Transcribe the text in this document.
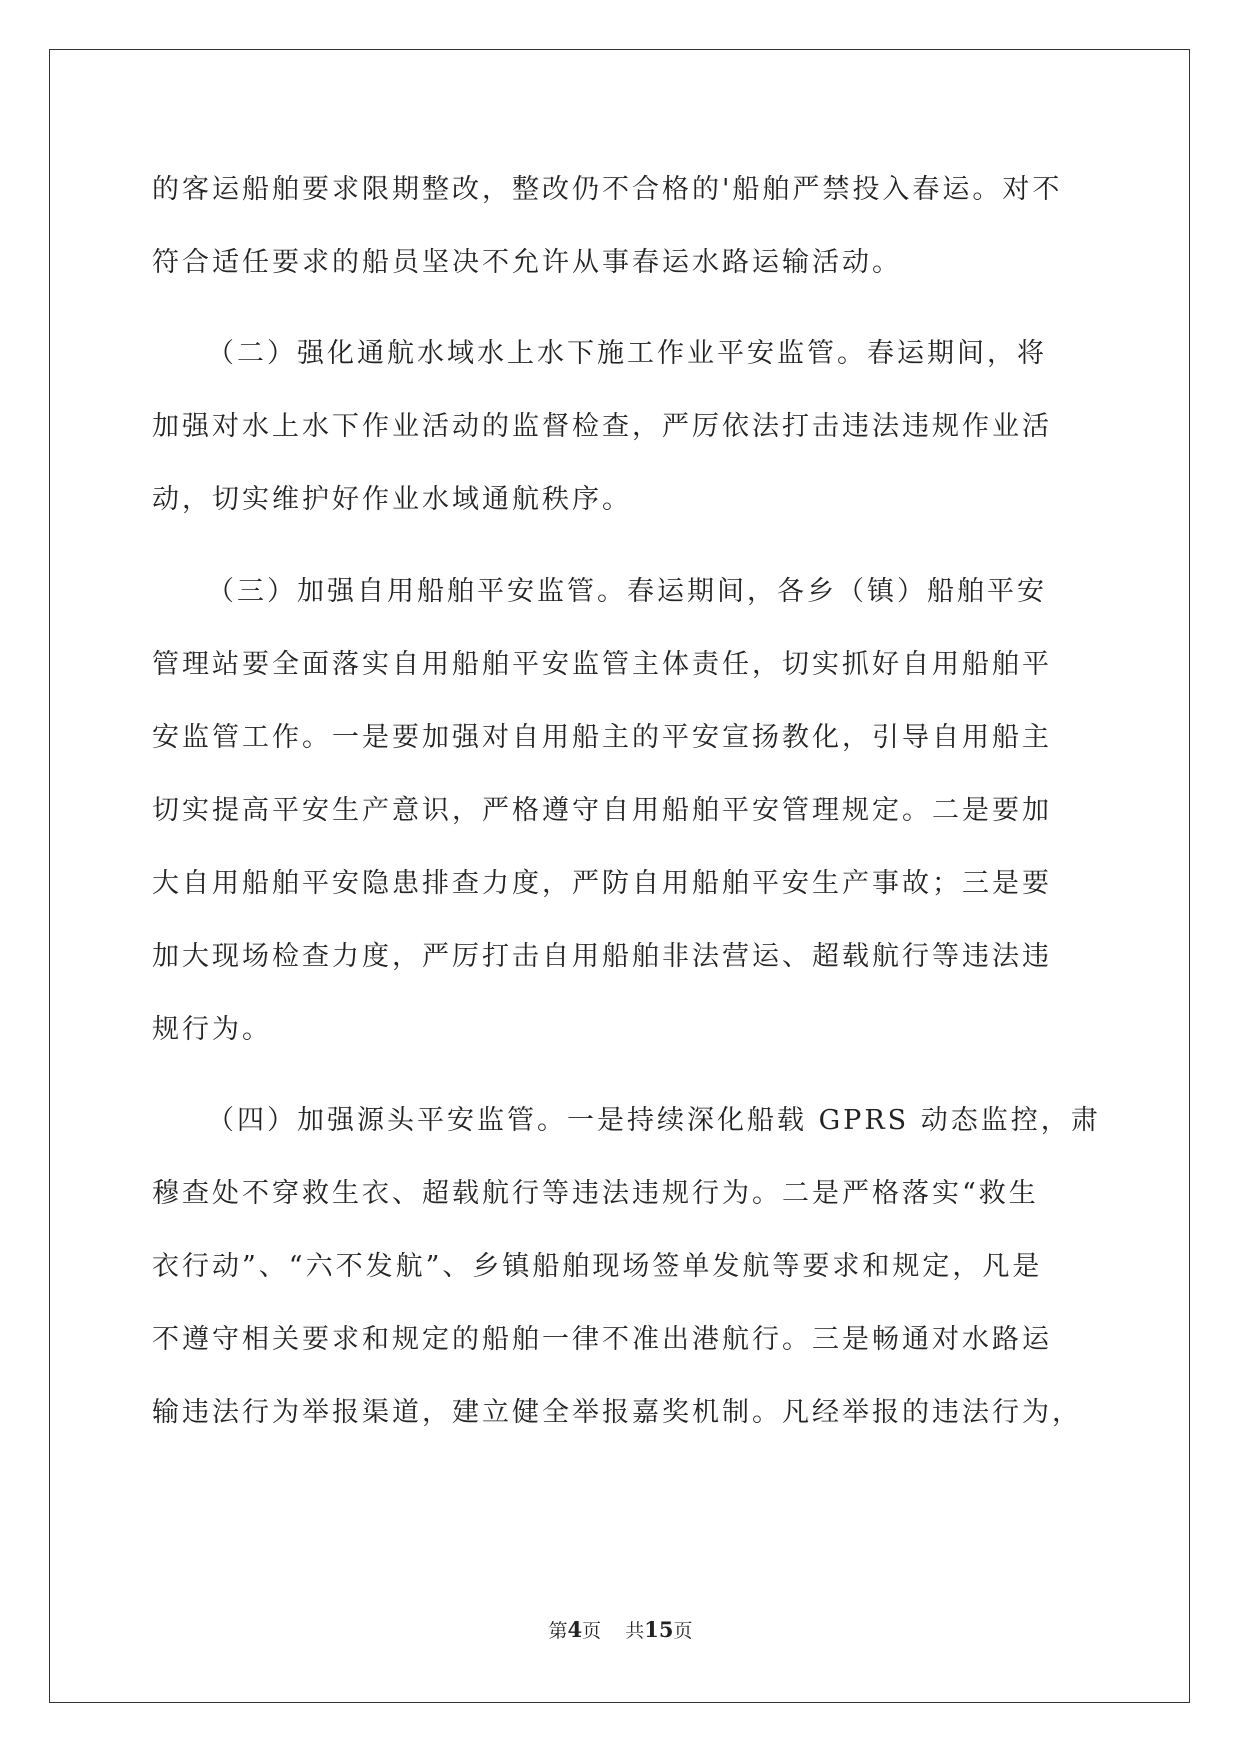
的客运船舶要求限期整改，整改仍不合格的'船舶严禁投入春运。对不

符合适任要求的船员坚决不允许从事春运水路运输活动。

（二）强化通航水域水上水下施工作业平安监管。春运期间，将

加强对水上水下作业活动的监督检查，严厉依法打击违法违规作业活

动，切实维护好作业水域通航秩序。

（三）加强自用船舶平安监管。春运期间，各乡（镇）船舶平安

管理站要全面落实自用船舶平安监管主体责任，切实抓好自用船舶平

安监管工作。一是要加强对自用船主的平安宣扬教化，引导自用船主

切实提高平安生产意识，严格遵守自用船舶平安管理规定。二是要加

大自用船舶平安隐患排查力度，严防自用船舶平安生产事故；三是要

加大现场检查力度，严厉打击自用船舶非法营运、超载航行等违法违

规行为。

（四）加强源头平安监管。一是持续深化船载 GPRS 动态监控，肃

穆查处不穿救生衣、超载航行等违法违规行为。二是严格落实“救生

衣行动”、“六不发航”、乡镇船舶现场签单发航等要求和规定，凡是

不遵守相关要求和规定的船舶一律不准出港航行。三是畅通对水路运

输违法行为举报渠道，建立健全举报嘉奖机制。凡经举报的违法行为，

第4页 共15页
